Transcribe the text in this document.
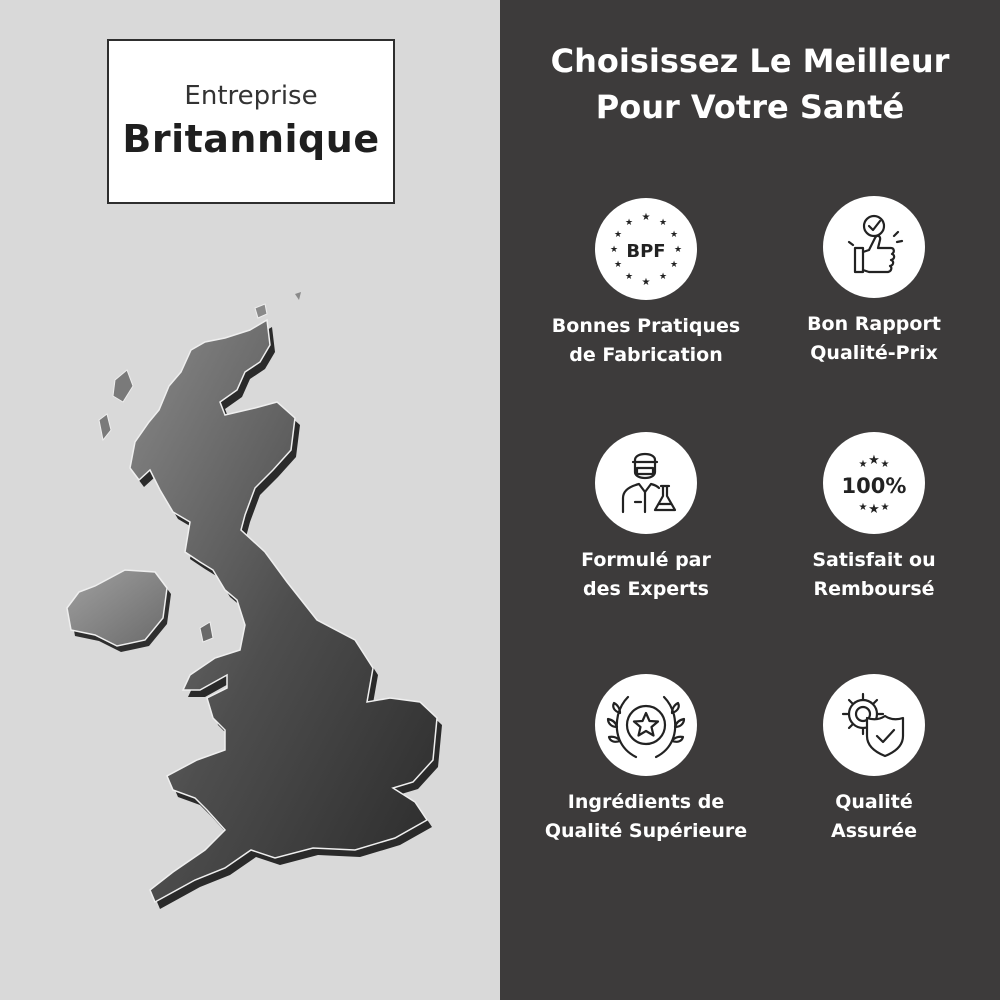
Entreprise
Britannique
Choisissez Le Meilleur
Pour Votre Santé
★ ★
★
★
★
★
★
★
★
★
★
★
BPF
Bonnes Pratiques
de Fabrication
Bon Rapport
Qualité-Prix
Formulé par
des Experts
★ ★ ★
★ ★ ★
100%
Satisfait ou
Remboursé
Ingrédients de
Qualité Supérieure
Qualité
Assurée
